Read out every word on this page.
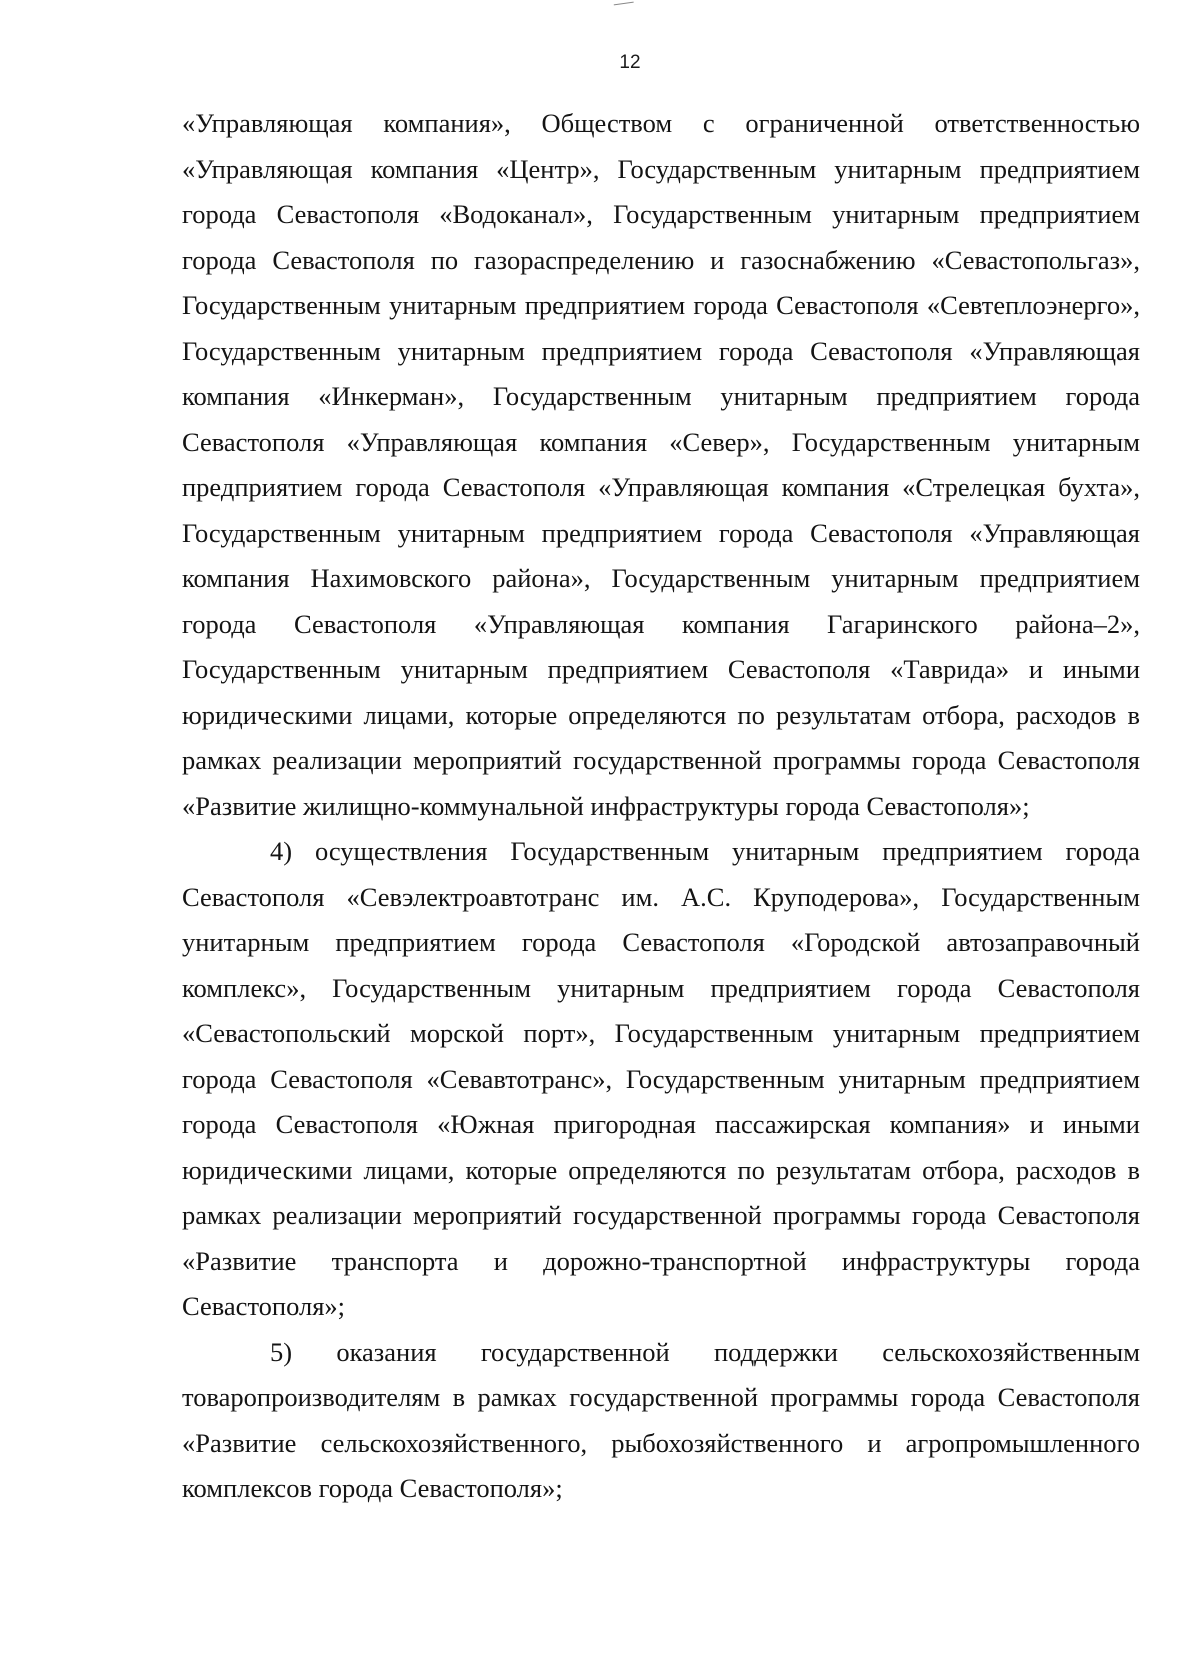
12

«Управляющая компания», Обществом с ограниченной ответственностью «Управляющая компания «Центр», Государственным унитарным предприятием города Севастополя «Водоканал», Государственным унитарным предприятием города Севастополя по газораспределению и газоснабжению «Севастопольгаз», Государственным унитарным предприятием города Севастополя «Севтеплоэнерго», Государственным унитарным предприятием города Севастополя «Управляющая компания «Инкерман», Государственным унитарным предприятием города Севастополя «Управляющая компания «Север», Государственным унитарным предприятием города Севастополя «Управляющая компания «Стрелецкая бухта», Государственным унитарным предприятием города Севастополя «Управляющая компания Нахимовского района», Государственным унитарным предприятием города Севастополя «Управляющая компания Гагаринского района–2», Государственным унитарным предприятием Севастополя «Таврида» и иными юридическими лицами, которые определяются по результатам отбора, расходов в рамках реализации мероприятий государственной программы города Севастополя «Развитие жилищно-коммунальной инфраструктуры города Севастополя»;

4) осуществления Государственным унитарным предприятием города Севастополя «Севэлектроавтотранс им. А.С. Круподерова», Государственным унитарным предприятием города Севастополя «Городской автозаправочный комплекс», Государственным унитарным предприятием города Севастополя «Севастопольский морской порт», Государственным унитарным предприятием города Севастополя «Севавтотранс», Государственным унитарным предприятием города Севастополя «Южная пригородная пассажирская компания» и иными юридическими лицами, которые определяются по результатам отбора, расходов в рамках реализации мероприятий государственной программы города Севастополя «Развитие транспорта и дорожно-транспортной инфраструктуры города Севастополя»;

5) оказания государственной поддержки сельскохозяйственным товаропроизводителям в рамках государственной программы города Севастополя «Развитие сельскохозяйственного, рыбохозяйственного и агропромышленного комплексов города Севастополя»;
